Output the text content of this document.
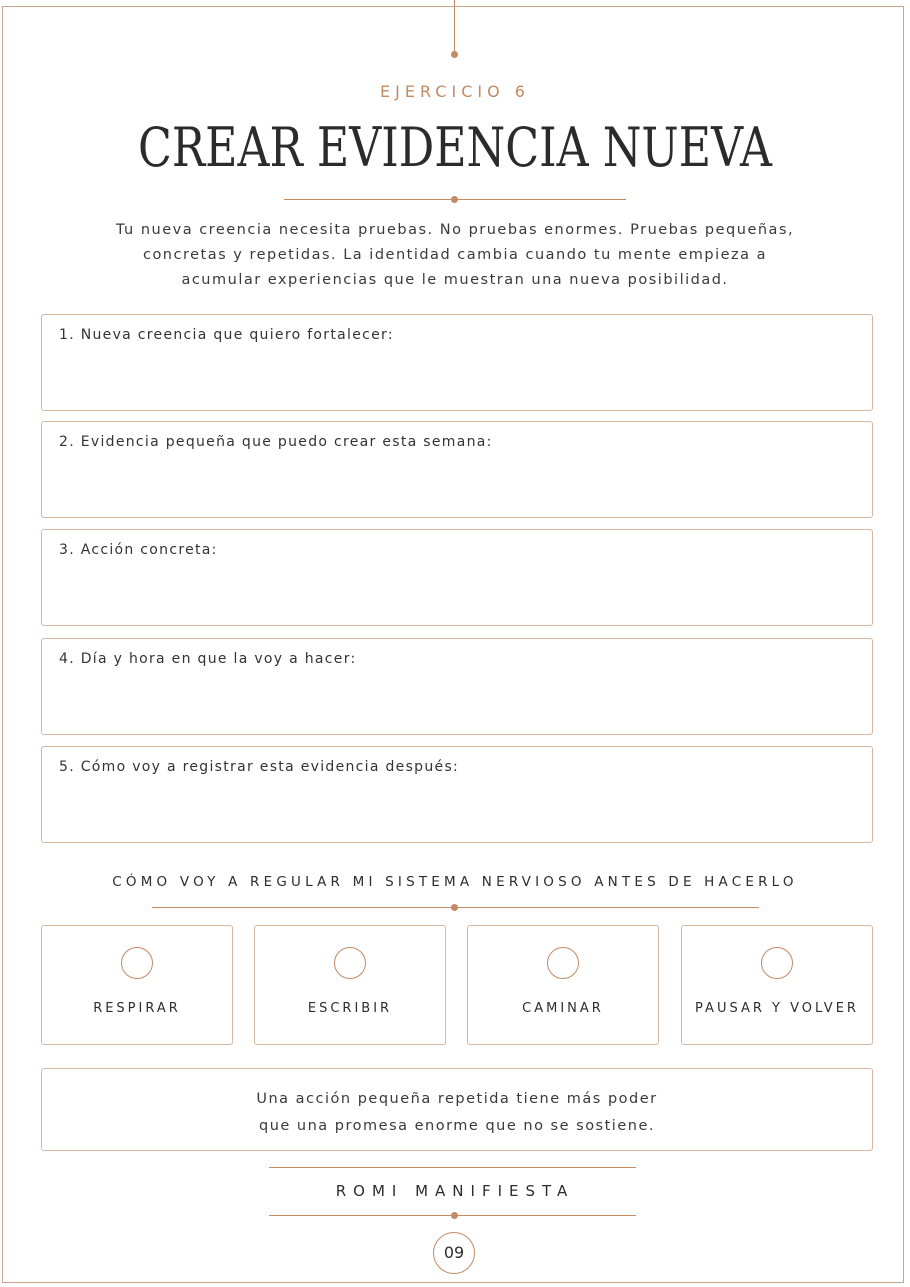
EJERCICIO 6
CREAR EVIDENCIA NUEVA
Tu nueva creencia necesita pruebas. No pruebas enormes. Pruebas pequeñas,
concretas y repetidas. La identidad cambia cuando tu mente empieza a
acumular experiencias que le muestran una nueva posibilidad.
1. Nueva creencia que quiero fortalecer:
2. Evidencia pequeña que puedo crear esta semana:
3. Acción concreta:
4. Día y hora en que la voy a hacer:
5. Cómo voy a registrar esta evidencia después:
CÓMO VOY A REGULAR MI SISTEMA NERVIOSO ANTES DE HACERLO
RESPIRAR	ESCRIBIR	CAMINAR	PAUSAR Y VOLVER
Una acción pequeña repetida tiene más poder
que una promesa enorme que no se sostiene.
ROMI MANIFIESTA
09
